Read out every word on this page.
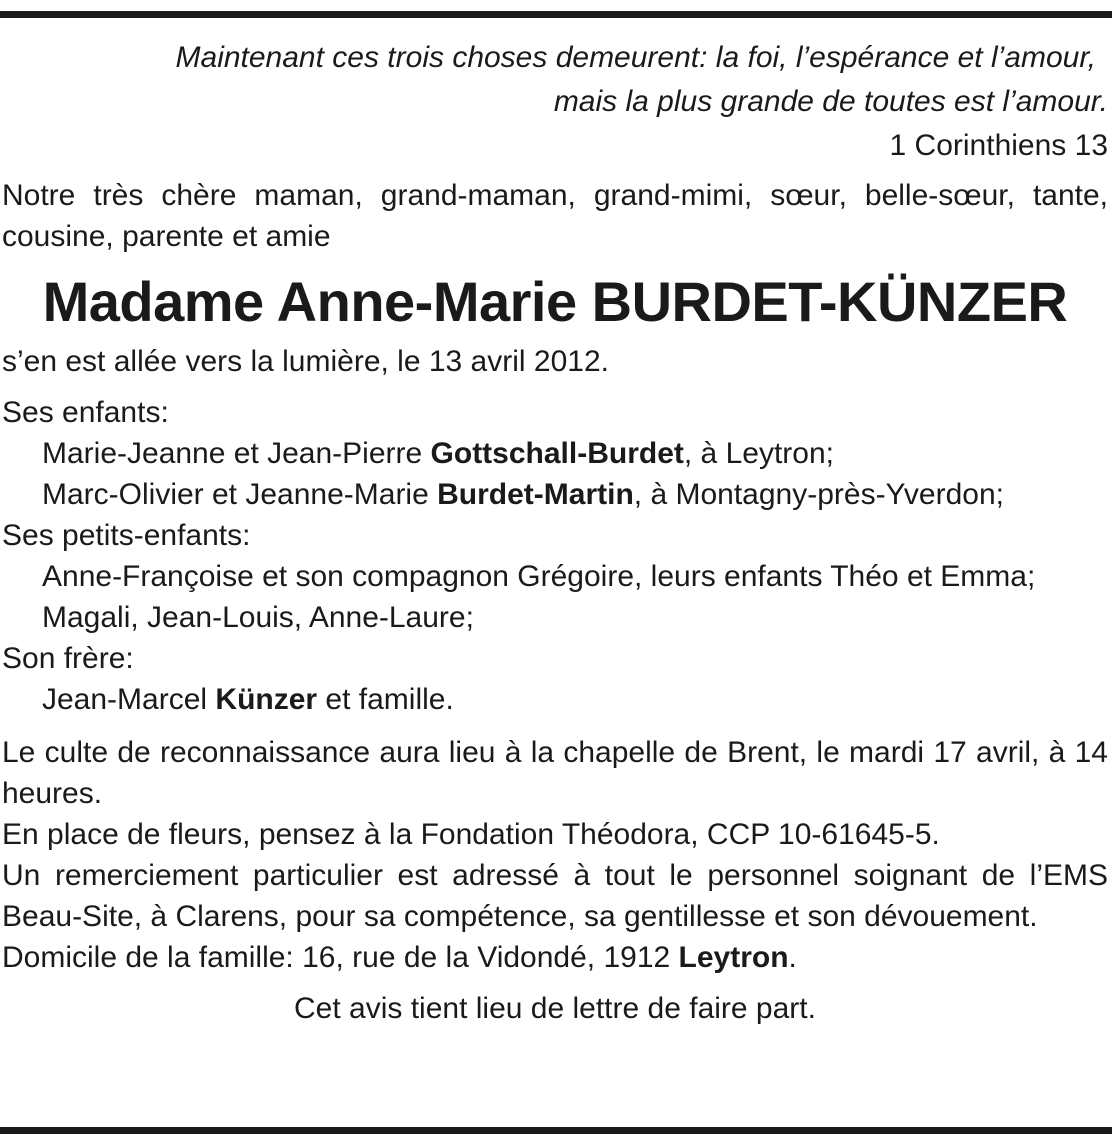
Maintenant ces trois choses demeurent: la foi, l’espérance et l’amour,

mais la plus grande de toutes est l’amour.

1 Corinthiens 13

Notre très chère maman, grand-maman, grand-mimi, sœur, belle-sœur, tante, cousine, parente et amie

Madame Anne-Marie BURDET-KÜNZER

s’en est allée vers la lumière, le 13 avril 2012.

Ses enfants:

Marie-Jeanne et Jean-Pierre Gottschall-Burdet, à Leytron;

Marc-Olivier et Jeanne-Marie Burdet-Martin, à Montagny-près-Yverdon;

Ses petits-enfants:

Anne-Françoise et son compagnon Grégoire, leurs enfants Théo et Emma;

Magali, Jean-Louis, Anne-Laure;

Son frère:

Jean-Marcel Künzer et famille.

Le culte de reconnaissance aura lieu à la chapelle de Brent, le mardi 17 avril, à 14 heures.

En place de fleurs, pensez à la Fondation Théodora, CCP 10-61645-5.

Un remerciement particulier est adressé à tout le personnel soignant de l’EMS Beau-Site, à Clarens, pour sa compétence, sa gentillesse et son dévouement.

Domicile de la famille: 16, rue de la Vidondé, 1912 Leytron.

Cet avis tient lieu de lettre de faire part.
